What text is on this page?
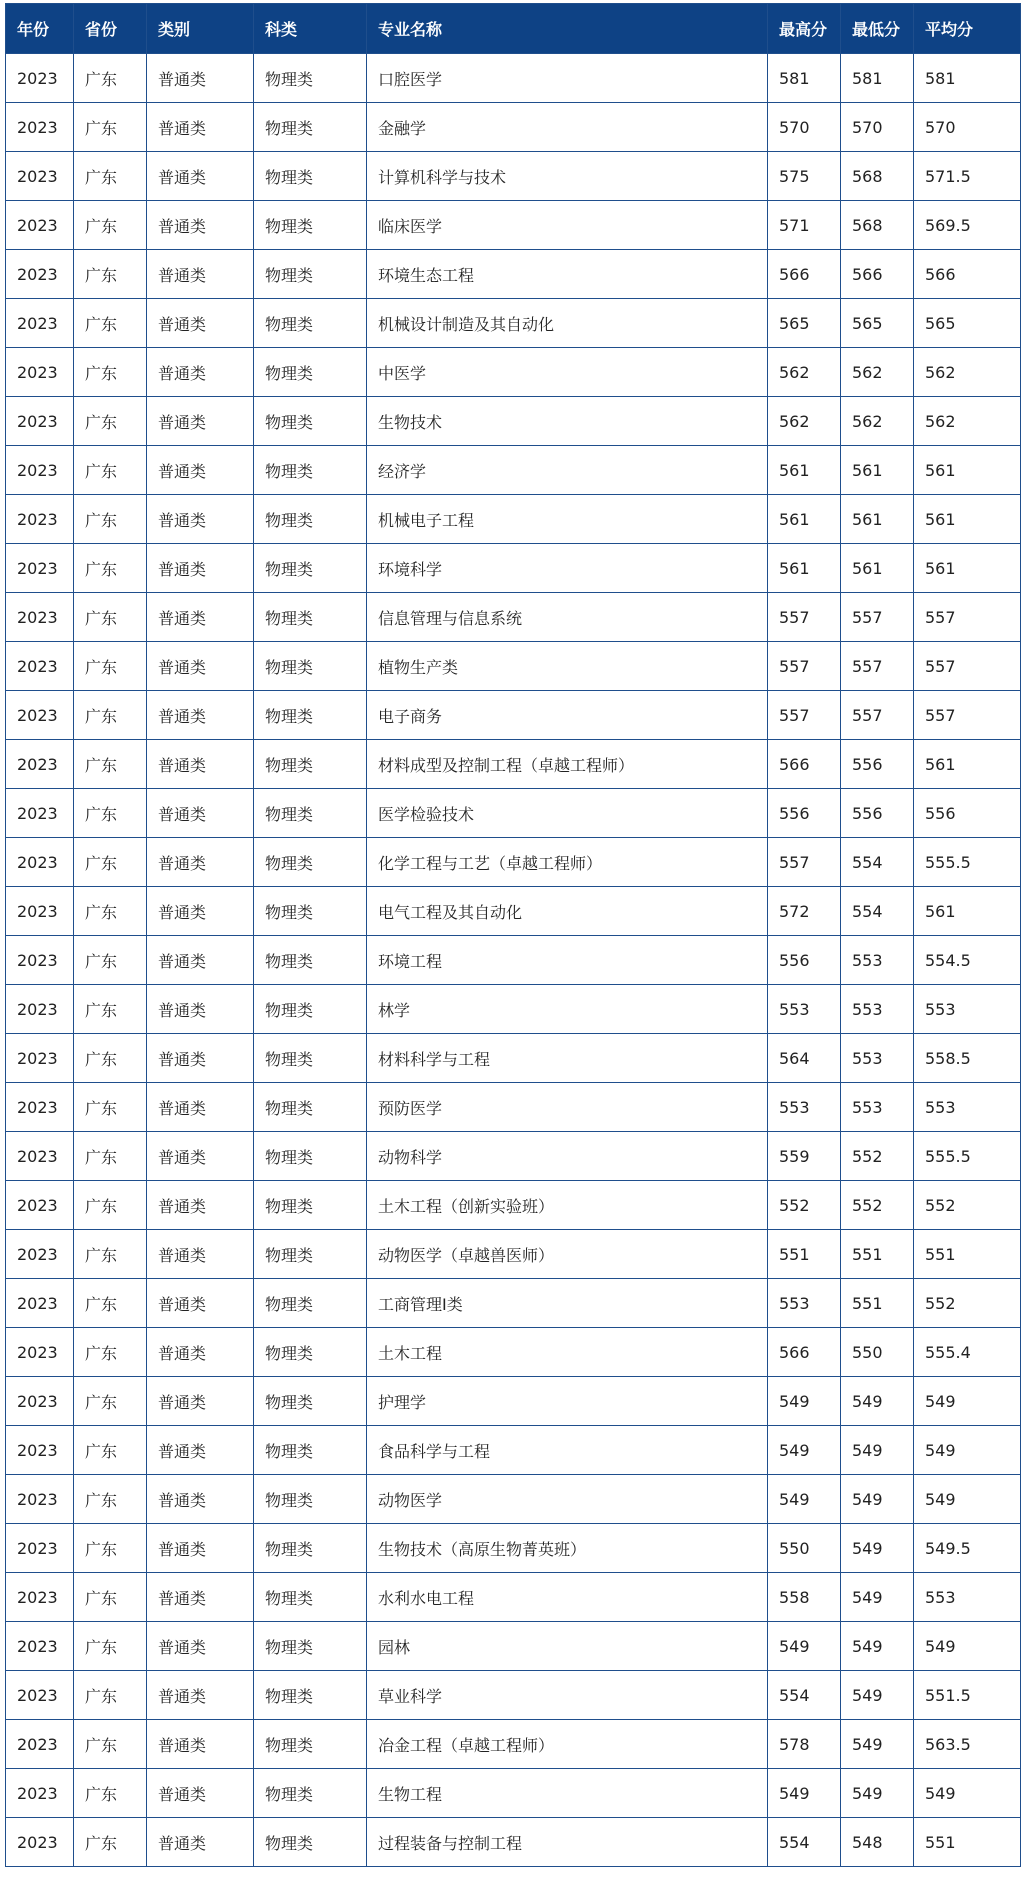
年份	省份	类别	科类	专业名称	最高分	最低分	平均分
2023	广东	普通类	物理类	口腔医学	581	581	581
2023	广东	普通类	物理类	金融学	570	570	570
2023	广东	普通类	物理类	计算机科学与技术	575	568	571.5
2023	广东	普通类	物理类	临床医学	571	568	569.5
2023	广东	普通类	物理类	环境生态工程	566	566	566
2023	广东	普通类	物理类	机械设计制造及其自动化	565	565	565
2023	广东	普通类	物理类	中医学	562	562	562
2023	广东	普通类	物理类	生物技术	562	562	562
2023	广东	普通类	物理类	经济学	561	561	561
2023	广东	普通类	物理类	机械电子工程	561	561	561
2023	广东	普通类	物理类	环境科学	561	561	561
2023	广东	普通类	物理类	信息管理与信息系统	557	557	557
2023	广东	普通类	物理类	植物生产类	557	557	557
2023	广东	普通类	物理类	电子商务	557	557	557
2023	广东	普通类	物理类	材料成型及控制工程（卓越工程师）	566	556	561
2023	广东	普通类	物理类	医学检验技术	556	556	556
2023	广东	普通类	物理类	化学工程与工艺（卓越工程师）	557	554	555.5
2023	广东	普通类	物理类	电气工程及其自动化	572	554	561
2023	广东	普通类	物理类	环境工程	556	553	554.5
2023	广东	普通类	物理类	林学	553	553	553
2023	广东	普通类	物理类	材料科学与工程	564	553	558.5
2023	广东	普通类	物理类	预防医学	553	553	553
2023	广东	普通类	物理类	动物科学	559	552	555.5
2023	广东	普通类	物理类	土木工程（创新实验班）	552	552	552
2023	广东	普通类	物理类	动物医学（卓越兽医师）	551	551	551
2023	广东	普通类	物理类	工商管理Ⅰ类	553	551	552
2023	广东	普通类	物理类	土木工程	566	550	555.4
2023	广东	普通类	物理类	护理学	549	549	549
2023	广东	普通类	物理类	食品科学与工程	549	549	549
2023	广东	普通类	物理类	动物医学	549	549	549
2023	广东	普通类	物理类	生物技术（高原生物菁英班）	550	549	549.5
2023	广东	普通类	物理类	水利水电工程	558	549	553
2023	广东	普通类	物理类	园林	549	549	549
2023	广东	普通类	物理类	草业科学	554	549	551.5
2023	广东	普通类	物理类	冶金工程（卓越工程师）	578	549	563.5
2023	广东	普通类	物理类	生物工程	549	549	549
2023	广东	普通类	物理类	过程装备与控制工程	554	548	551
